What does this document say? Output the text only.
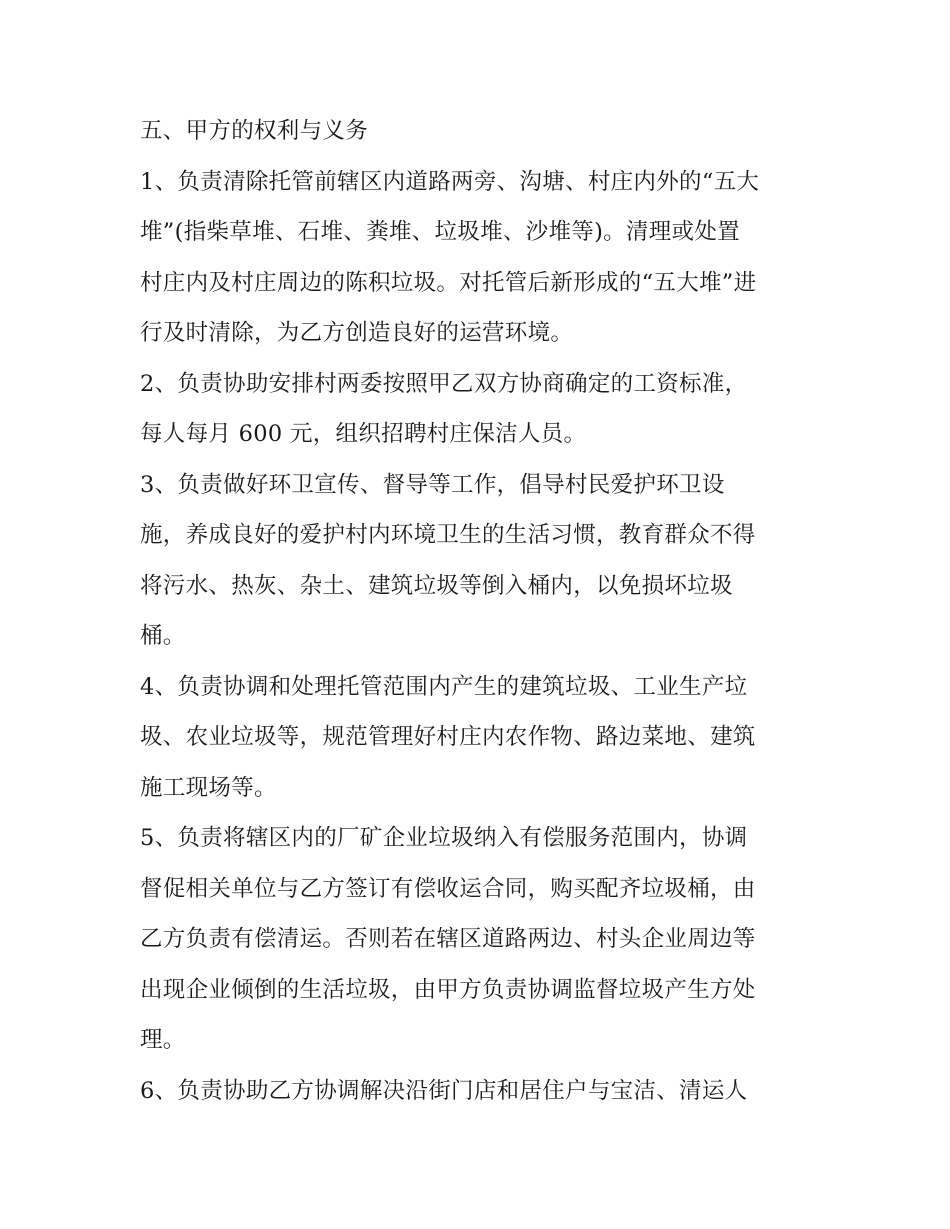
五、甲方的权利与义务
1、负责清除托管前辖区内道路两旁、沟塘、村庄内外的“五大
堆”(指柴草堆、石堆、粪堆、垃圾堆、沙堆等)。清理或处置
村庄内及村庄周边的陈积垃圾。对托管后新形成的“五大堆”进
行及时清除，为乙方创造良好的运营环境。
2、负责协助安排村两委按照甲乙双方协商确定的工资标准，
每人每月 600 元，组织招聘村庄保洁人员。
3、负责做好环卫宣传、督导等工作，倡导村民爱护环卫设
施，养成良好的爱护村内环境卫生的生活习惯，教育群众不得
将污水、热灰、杂土、建筑垃圾等倒入桶内，以免损坏垃圾
桶。
4、负责协调和处理托管范围内产生的建筑垃圾、工业生产垃
圾、农业垃圾等，规范管理好村庄内农作物、路边菜地、建筑
施工现场等。
5、负责将辖区内的厂矿企业垃圾纳入有偿服务范围内，协调
督促相关单位与乙方签订有偿收运合同，购买配齐垃圾桶，由
乙方负责有偿清运。否则若在辖区道路两边、村头企业周边等
出现企业倾倒的生活垃圾，由甲方负责协调监督垃圾产生方处
理。
6、负责协助乙方协调解决沿街门店和居住户与宝洁、清运人
